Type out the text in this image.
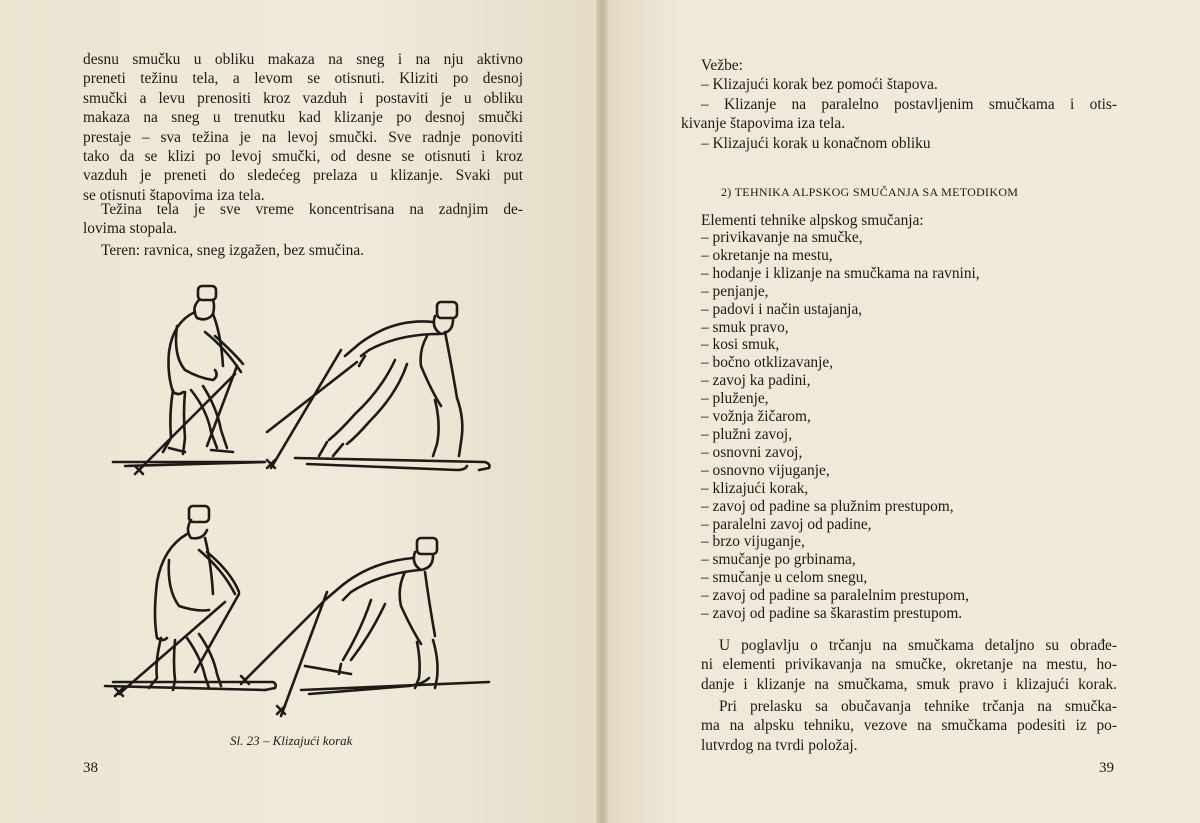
desnu smučku u obliku makaza na sneg i na nju aktivno
preneti težinu tela, a levom se otisnuti. Kliziti po desnoj
smučki a levu prenositi kroz vazduh i postaviti je u obliku
makaza na sneg u trenutku kad klizanje po desnoj smučki
prestaje – sva težina je na levoj smučki. Sve radnje ponoviti
tako da se klizi po levoj smučki, od desne se otisnuti i kroz
vazduh je preneti do sledećeg prelaza u klizanje. Svaki put
se otisnuti štapovima iza tela.
Težina tela je sve vreme koncentrisana na zadnjim de-
lovima stopala.
Teren: ravnica, sneg izgažen, bez smučina.
Sl. 23 – Klizajući korak
38
Vežbe:
– Klizajući korak bez pomoći štapova.
– Klizanje na paralelno postavljenim smučkama i otis-
kivanje štapovima iza tela.
– Klizajući korak u konačnom obliku
2) TEHNIKA ALPSKOG SMUČANJA SA METODIKOM
Elementi tehnike alpskog smučanja:
– privikavanje na smučke,
– okretanje na mestu,
– hodanje i klizanje na smučkama na ravnini,
– penjanje,
– padovi i način ustajanja,
– smuk pravo,
– kosi smuk,
– bočno otklizavanje,
– zavoj ka padini,
– pluženje,
– vožnja žičarom,
– plužni zavoj,
– osnovni zavoj,
– osnovno vijuganje,
– klizajući korak,
– zavoj od padine sa plužnim prestupom,
– paralelni zavoj od padine,
– brzo vijuganje,
– smučanje po grbinama,
– smučanje u celom snegu,
– zavoj od padine sa paralelnim prestupom,
– zavoj od padine sa škarastim prestupom.
U poglavlju o trčanju na smučkama detaljno su obrađe-
ni elementi privikavanja na smučke, okretanje na mestu, ho-
danje i klizanje na smučkama, smuk pravo i klizajući korak.
Pri prelasku sa obučavanja tehnike trčanja na smučka-
ma na alpsku tehniku, vezove na smučkama podesiti iz po-
lutvrdog na tvrdi položaj.
39
